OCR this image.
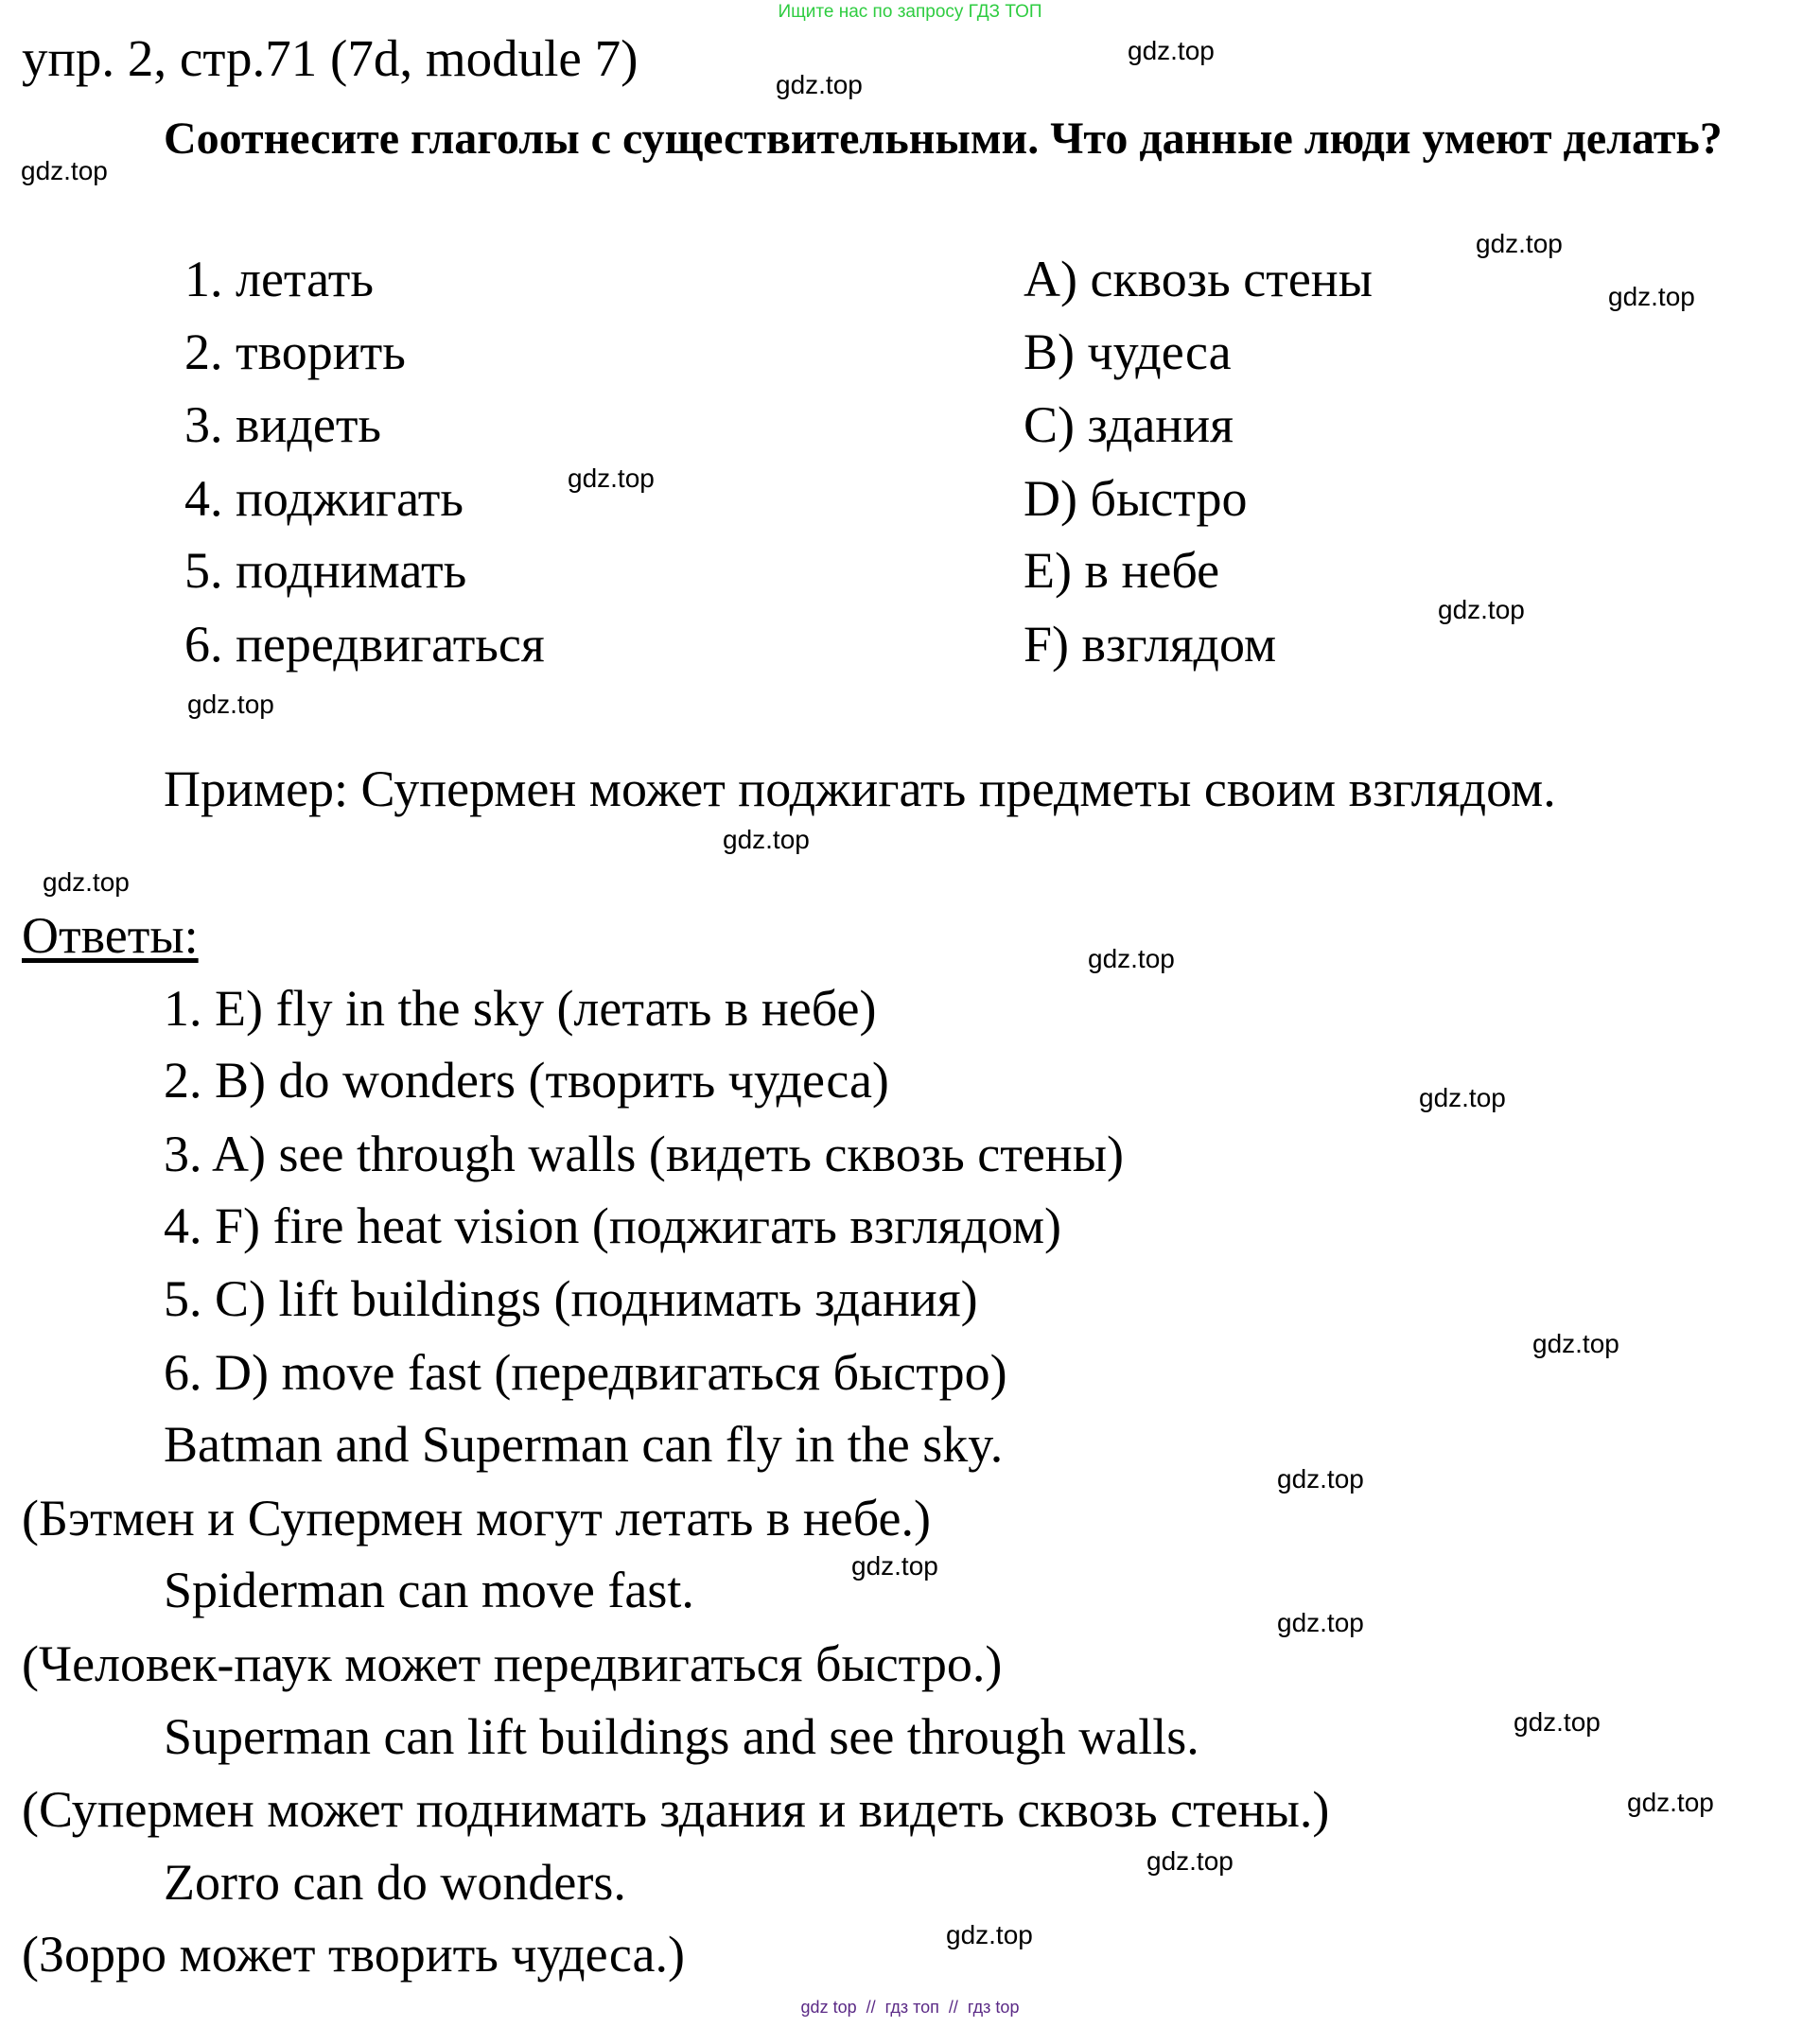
Ищите нас по запросу ГДЗ ТОП
упр. 2, стр.71 (7d, module 7)
Соотнесите глаголы с существительными. Что данные люди умеют делать?
1. летать
2. творить
3. видеть
4. поджигать
5. поднимать
6. передвигаться
A) сквозь стены
B) чудеса
C) здания
D) быстро
E) в небе
F) взглядом
Пример: Супермен может поджигать предметы своим взглядом.
Ответы:
1. E) fly in the sky (летать в небе)
2. B) do wonders (творить чудеса)
3. A) see through walls (видеть сквозь стены)
4. F) fire heat vision (поджигать взглядом)
5. C) lift buildings (поднимать здания)
6. D) move fast (передвигаться быстро)
Batman and Superman can fly in the sky.
(Бэтмен и Супермен могут летать в небе.)
Spiderman can move fast.
(Человек-паук может передвигаться быстро.)
Superman can lift buildings and see through walls.
(Супермен может поднимать здания и видеть сквозь стены.)
Zorro can do wonders.
(Зорро может творить чудеса.)
gdz.top
gdz.top
gdz.top
gdz.top
gdz.top
gdz.top
gdz.top
gdz.top
gdz.top
gdz.top
gdz.top
gdz.top
gdz.top
gdz.top
gdz.top
gdz.top
gdz.top
gdz.top
gdz.top
gdz.top
gdz top  //  гдз топ  //  гдз top
